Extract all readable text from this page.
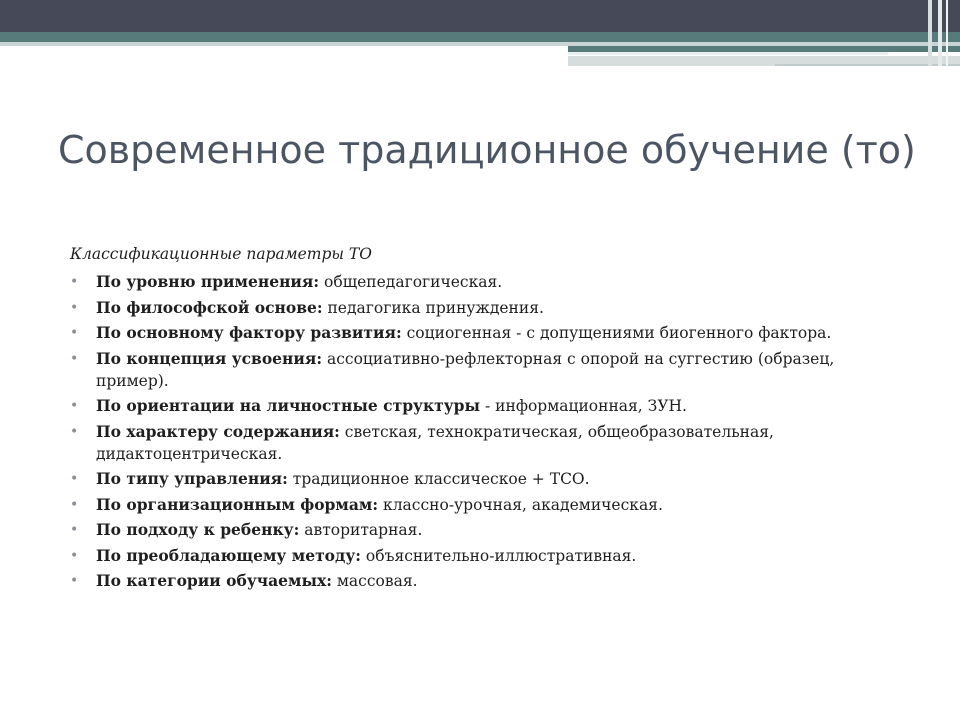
Современное традиционное обучение (то)

Классификационные параметры ТО

• По уровню применения: общепедагогическая.
• По философской основе: педагогика принуждения.
• По основному фактору развития: социогенная - с допущениями биогенного фактора.
• По концепция усвоения: ассоциативно-рефлекторная с опорой на суггестию (образец, пример).
• По ориентации на личностные структуры - информационная, ЗУН.
• По характеру содержания: светская, технократическая, общеобразовательная, дидактоцентрическая.
• По типу управления: традиционное классическое + ТСО.
• По организационным формам: классно-урочная, академическая.
• По подходу к ребенку: авторитарная.
• По преобладающему методу: объяснительно-иллюстративная.
• По категории обучаемых: массовая.
